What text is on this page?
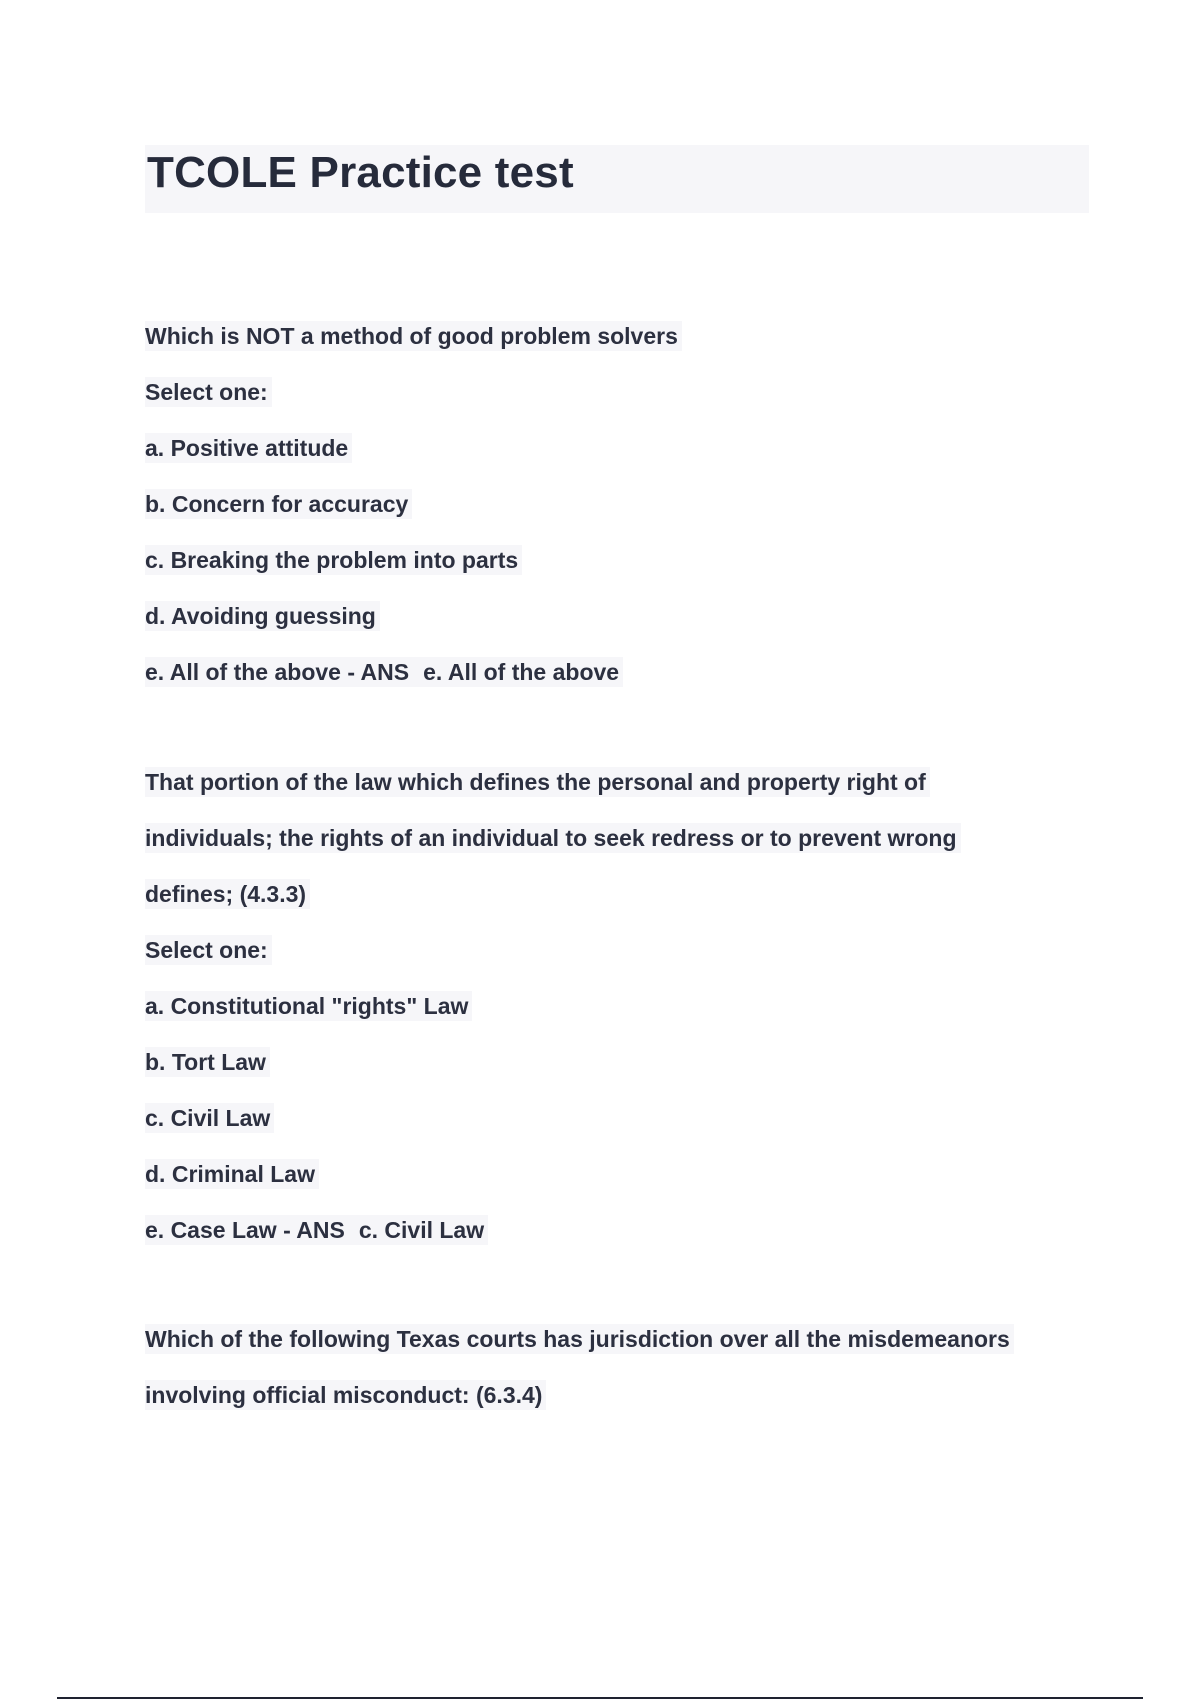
TCOLE Practice test
Which is NOT a method of good problem solvers
Select one:
a. Positive attitude
b. Concern for accuracy
c. Breaking the problem into parts
d. Avoiding guessing
e. All of the above - ANS e. All of the above
That portion of the law which defines the personal and property right of
individuals; the rights of an individual to seek redress or to prevent wrong
defines; (4.3.3)
Select one:
a. Constitutional "rights" Law
b. Tort Law
c. Civil Law
d. Criminal Law
e. Case Law - ANS c. Civil Law
Which of the following Texas courts has jurisdiction over all the misdemeanors
involving official misconduct: (6.3.4)
